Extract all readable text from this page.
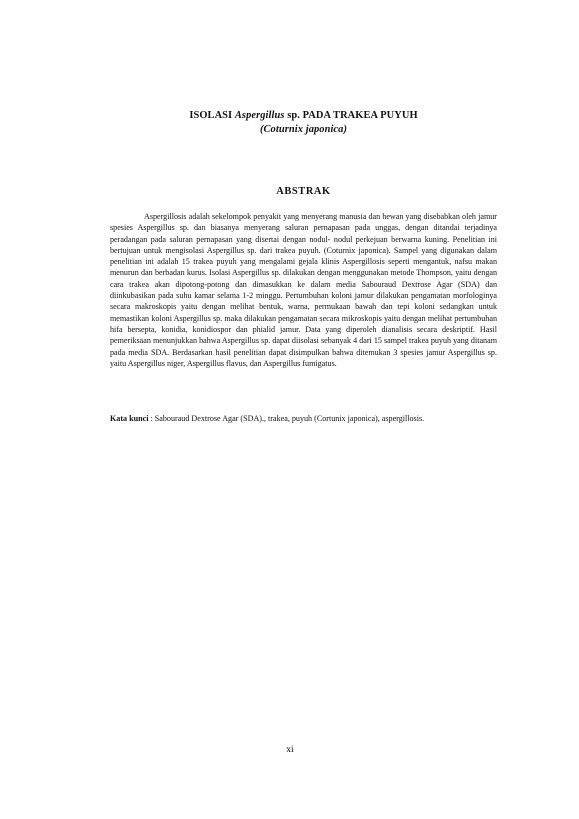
ISOLASI Aspergillus sp. PADA TRAKEA PUYUH
(Coturnix japonica)
ABSTRAK

Aspergillosis adalah sekelompok penyakit yang menyerang manusia dan hewan yang disebabkan oleh jamur spesies Aspergillus sp. dan biasanya menyerang saluran pernapasan pada unggas, dengan ditandai terjadinya peradangan pada saluran pernapasan yang disertai dengan nodul- nodul perkejuan berwarna kuning. Penelitian ini bertujuan untuk mengisolasi Aspergillus sp. dari trakea puyuh. (Coturnix japonica). Sampel yang digunakan dalam penelitian ini adalah 15 trakea puyuh yang mengalami gejala klinis Aspergillosis seperti mengantuk, nafsu makan menurun dan berbadan kurus. Isolasi Aspergillus sp. dilakukan dengan menggunakan metode Thompson, yaitu dengan cara trakea akan dipotong-potong dan dimasukkan ke dalam media Sabouraud Dextrose Agar (SDA) dan diinkubasikan pada suhu kamar selama 1-2 minggu. Pertumbuhan koloni jamur dilakukan pengamatan morfologinya secara makroskopis yaitu dengan melihat bentuk, warna, permukaan bawah dan tepi koloni sedangkan untuk memastikan koloni Aspergillus sp. maka dilakukan pengamatan secara mikroskopis yaitu dengan melihat pertumbuhan hifa bersepta, konidia, konidiospor dan phialid jamur. Data yang diperoleh dianalisis secara deskriptif. Hasil pemeriksaan menunjukkan bahwa Aspergillus sp. dapat diisolasi sebanyak 4 dari 15 sampel trakea puyuh yang ditanam pada media SDA. Berdasarkan hasil penelitian dapat disimpulkan bahwa ditemukan 3 spesies jamur Aspergillus sp. yaitu Aspergillus niger, Aspergillus flavus, dan Aspergillus fumigatus.

Kata kunci : Sabouraud Dextrose Agar (SDA)., trakea, puyuh (Cortunix japonica), aspergillosis.

xi
